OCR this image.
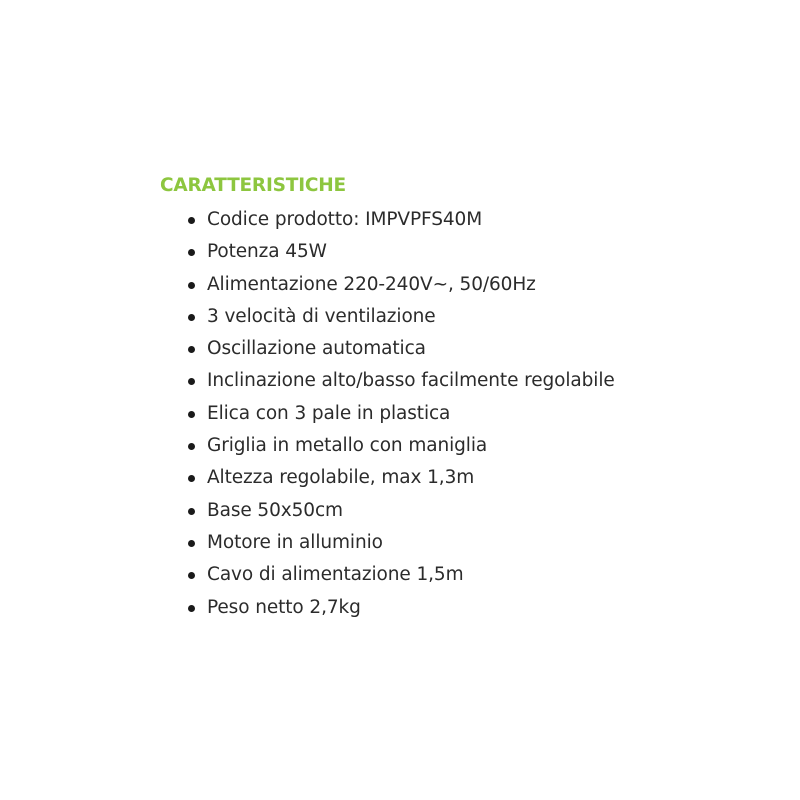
CARATTERISTICHE
Codice prodotto: IMPVPFS40M
Potenza 45W
Alimentazione 220-240V~, 50/60Hz
3 velocità di ventilazione
Oscillazione automatica
Inclinazione alto/basso facilmente regolabile
Elica con 3 pale in plastica
Griglia in metallo con maniglia
Altezza regolabile, max 1,3m
Base 50x50cm
Motore in alluminio
Cavo di alimentazione 1,5m
Peso netto 2,7kg
